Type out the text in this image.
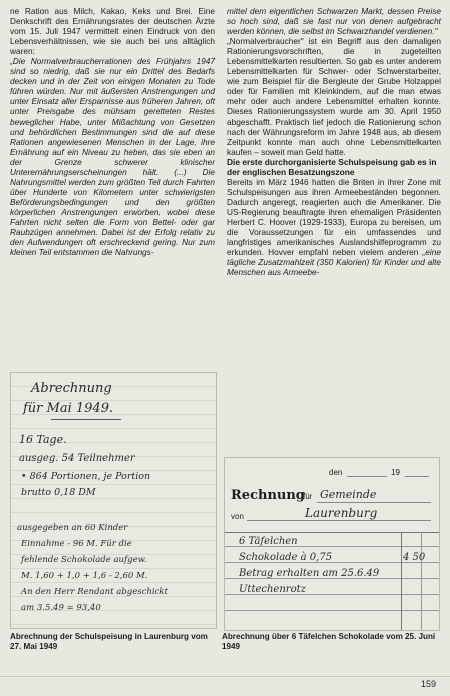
ne Ration aus Milch, Kakao, Keks und Brei. Eine Denkschrift des Ernährungsrates der deutschen Ärzte vom 15. Juli 1947 vermittelt einen Eindruck von den Lebensverhältnissen, wie sie auch bei uns alltäglich waren:

„Die Normalverbraucherrationen des Frühjahrs 1947 sind so niedrig, daß sie nur ein Drittel des Bedarfs decken und in der Zeit von einigen Monaten zu Tode führen würden. Nur mit äußersten Anstrengungen und unter Einsatz aller Ersparnisse aus früheren Jahren, oft unter Preisgabe des mühsam geretteten Restes beweglicher Habe, unter Mißachtung von Gesetzen und behördlichen Bestimmungen sind die auf diese Rationen angewiesenen Menschen in der Lage, ihre Ernährung auf ein Niveau zu heben, das sie eben an der Grenze schwerer klinischer Unterernährungserscheinungen hält. (...) Die Nahrungsmittel werden zum größten Teil durch Fahrten über Hunderte von Kilometern unter schwierigsten Beförderungsbedingungen und den größten körperlichen Anstrengungen erworben, wobei diese Fahrten nicht selten die Form von Bettel- oder gar Raubzügen annehmen. Dabei ist der Erfolg relativ zu den Aufwendungen oft erschreckend gering. Nur zum kleinen Teil entstammen die Nahrungs-

mittel dem eigentlichen Schwarzen Markt, dessen Preise so hoch sind, daß sie fast nur von denen aufgebracht werden können, die selbst im Schwarzhandel verdienen."

„Normalverbraucher" ist ein Begriff aus den damaligen Rationierungsvorschriften, die in zugeteilten Lebensmittelkarten resultierten. So gab es unter anderem Lebensmittelkarten für Schwer- oder Schwerstarbeiter, wie zum Beispiel für die Bergleute der Grube Holzappel oder für Familien mit Kleinkindern, auf die man etwas mehr oder auch andere Lebensmittel erhalten konnte. Dieses Rationierungssystem wurde am 30. April 1950 abgeschafft. Praktisch lief jedoch die Rationierung schon nach der Währungsreform im Jahre 1948 aus, ab diesem Zeitpunkt konnte man auch ohne Lebensmittelkarten kaufen – soweit man Geld hatte.

Die erste durchorganisierte Schulspeisung gab es in der englischen Besatzungszone

Bereits im März 1946 hatten die Briten in ihrer Zone mit Schulspeisungen aus ihren Armeebeständen begonnen. Dadurch angeregt, reagierten auch die Amerikaner. Die US-Regierung beauftragte ihren ehemaligen Präsidenten Herbert C. Hoover (1929-1933), Europa zu bereisen, um die Voraussetzungen für ein umfassendes und langfristiges amerikanisches Auslandshilfeprogramm zu erkunden. Hovver empfahl neben vielem anderen „eine tägliche Zusatzmahlzeit (350 Kalorien) für Kinder und alte Menschen aus Armeebe-

Abrechnung
für Mai 1949.
16 Tage.
ausgeg. 54 Teilnehmer
• 864 Portionen, je Portion
brutto 0,18 DM
ausgegeben an 60 Kinder
Einnahme - 96 M. Für die
fehlende Schokolade aufgew.
M. 1,60 + 1,0 + 1,6 - 2,60 M.
An den Herr Rendant abgeschickt
am 3.5.49 = 93,40
den	19
Rechnung
für Gemeinde
von	Laurenburg
6 Täfelchen
Schokolade à 0,75	4 50
Betrag erhalten am 25.6.49
Uttechenrotz
Abrechnung der Schulspeisung in Laurenburg vom 27. Mai 1949
Abrechnung über 6 Täfelchen Schokolade vom 25. Juni 1949
159
